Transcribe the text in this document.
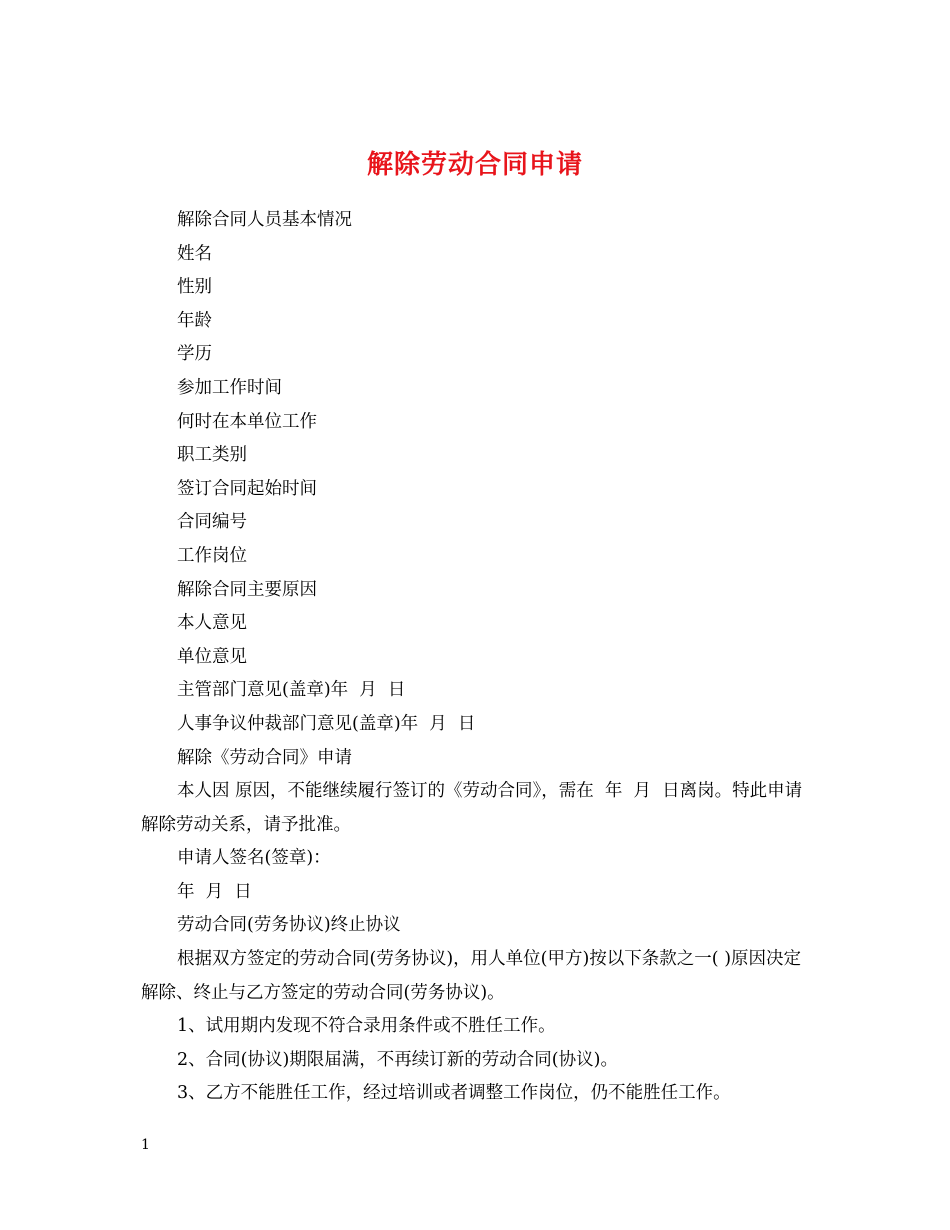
解除劳动合同申请

解除合同人员基本情况

姓名

性别

年龄

学历

参加工作时间

何时在本单位工作

职工类别

签订合同起始时间

合同编号

工作岗位

解除合同主要原因

本人意见

单位意见

主管部门意见(盖章)年  月  日

人事争议仲裁部门意见(盖章)年  月  日

解除《劳动合同》申请

本人因 原因，不能继续履行签订的《劳动合同》，需在  年  月  日离岗。特此申请解除劳动关系，请予批准。

申请人签名(签章)：

年  月  日

劳动合同(劳务协议)终止协议

根据双方签定的劳动合同(劳务协议)，用人单位(甲方)按以下条款之一( )原因决定解除、终止与乙方签定的劳动合同(劳务协议)。

1、试用期内发现不符合录用条件或不胜任工作。

2、合同(协议)期限届满，不再续订新的劳动合同(协议)。

3、乙方不能胜任工作，经过培训或者调整工作岗位，仍不能胜任工作。

1
